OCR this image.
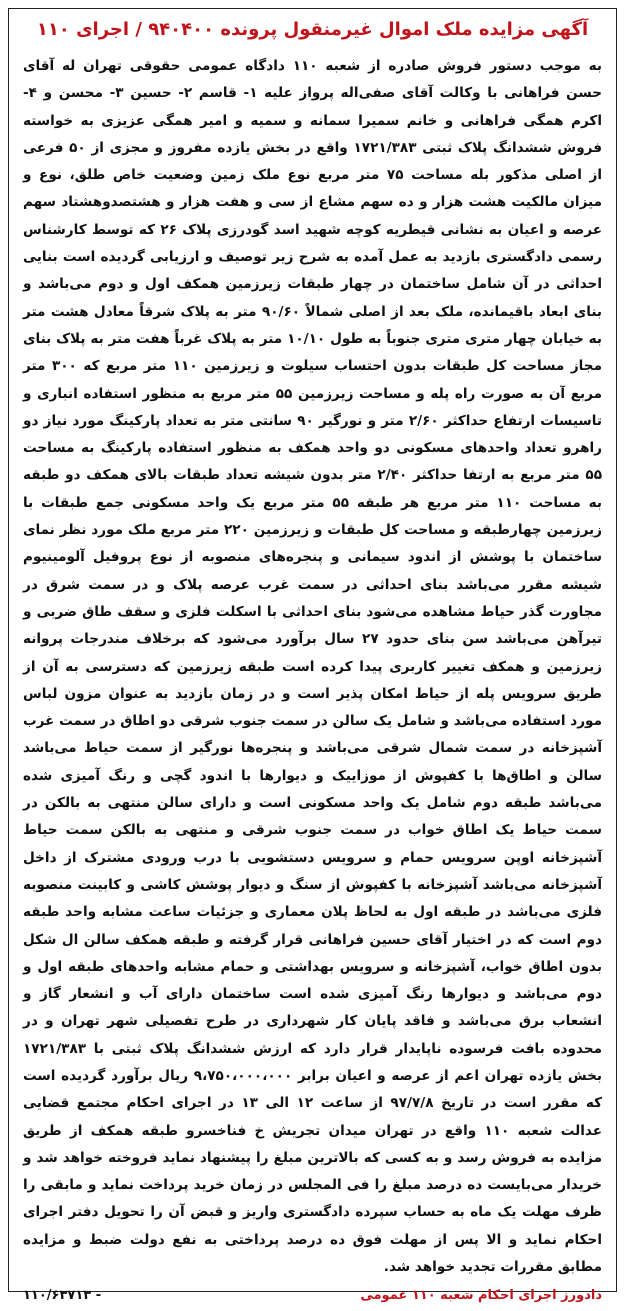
آگهی مزایده ملک اموال غیرمنقول پرونده ۹۴۰۴۰۰ / اجرای ۱۱۰
به موجب دستور فروش صادره از شعبه ۱۱۰ دادگاه عمومی حقوقی تهران له آقای حسن فراهانی با وکالت آقای صفی‌اله پرواز علیه ۱- قاسم ۲- حسین ۳- محسن و ۴- اکرم همگی فراهانی و خانم سمیرا سمانه و سمیه و امیر همگی عزیزی به خواسته فروش ششدانگ پلاک ثبتی ۱۷۲۱/۳۸۳ واقع در بخش یازده مفروز و مجزی از ۵۰ فرعی از اصلی مذکور بله مساحت ۷۵ متر مربع نوع ملک زمین وضعیت خاص طلق، نوع و میزان مالکیت هشت هزار و ده سهم مشاع از سی و هفت هزار و هشتصدوهشتاد سهم عرصه و اعیان به نشانی قیطریه کوچه شهید اسد گودرزی پلاک ۲۶ که توسط کارشناس رسمی دادگستری بازدید به عمل آمده به شرح زیر توصیف و ارزیابی گردیده است بنایی احداثی در آن شامل ساختمان در چهار طبقات زیرزمین همکف اول و دوم می‌باشد و بنای ابعاد باقیمانده، ملک بعد از اصلی شمالاً ۹۰/۶۰ متر به پلاک شرقاً معادل هشت متر به خیابان چهار متری متری جنوباً به طول ۱۰/۱۰ متر به پلاک غرباً هفت متر به پلاک بنای مجاز مساحت کل طبقات بدون احتساب سیلوت و زیرزمین ۱۱۰ متر مربع که ۳۰۰ متر مربع آن به صورت راه پله و مساحت زیرزمین ۵۵ متر مربع به منظور استفاده انباری و تاسیسات ارتفاع حداکثر ۲/۶۰ متر و نورگیر ۹۰ سانتی متر به تعداد پارکینگ مورد نیاز دو راهرو تعداد واحدهای مسکونی دو واحد همکف به منظور استفاده پارکینگ به مساحت ۵۵ متر مربع به ارتفا حداکثر ۲/۴۰ متر بدون شیشه تعداد طبقات بالای همکف دو طبقه به مساحت ۱۱۰ متر مربع هر طبقه ۵۵ متر مربع یک واحد مسکونی جمع طبقات با زیرزمین چهارطبقه و مساحت کل طبقات و زیرزمین ۲۲۰ متر مربع ملک مورد نظر نمای ساختمان با پوشش از اندود سیمانی و پنجره‌های منصوبه از نوع پروفیل آلومینیوم شیشه مقرر می‌باشد بنای احداثی در سمت غرب عرصه پلاک و در سمت شرق در مجاورت گذر حیاط مشاهده می‌شود بنای احداثی با اسکلت فلزی و سقف طاق ضربی و تیرآهن می‌باشد سن بنای حدود ۲۷ سال برآورد می‌شود که برخلاف مندرجات پروانه زیرزمین و همکف تغییر کاربری پیدا کرده است طبقه زیرزمین که دسترسی به آن از طریق سرویس پله از حیاط امکان پذیر است و در زمان بازدید به عنوان مزون لباس مورد استفاده می‌باشد و شامل یک سالن در سمت جنوب شرقی دو اطاق در سمت غرب آشپزخانه در سمت شمال شرقی می‌باشد و پنجره‌ها نورگیر از سمت حیاط می‌باشد سالن و اطاق‌ها با کفپوش از موزاییک و دیوارها با اندود گچی و رنگ آمیزی شده می‌باشد طبقه دوم شامل یک واحد مسکونی است و دارای سالن منتهی به بالکن در سمت حیاط یک اطاق خواب در سمت جنوب شرقی و منتهی به بالکن سمت حیاط آشپزخانه اوپن سرویس حمام و سرویس دستشویی با درب ورودی مشترک از داخل آشپزخانه می‌باشد آشپزخانه با کفپوش از سنگ و دیوار پوشش کاشی و کابینت منصوبه فلزی می‌باشد در طبقه اول به لحاظ پلان معماری و جزئیات ساعت مشابه واحد طبقه دوم است که در اختیار آقای حسین فراهانی قرار گرفته و طبقه همکف سالن ال شکل بدون اطاق خواب، آشپزخانه و سرویس بهداشتی و حمام مشابه واحدهای طبقه اول و دوم می‌باشد و دیوارها رنگ آمیزی شده است ساختمان دارای آب و انشعار گاز و انشعاب برق می‌باشد و فاقد پایان کار شهرداری در طرح تفصیلی شهر تهران و در محدوده بافت فرسوده ناپایدار قرار دارد که ارزش ششدانگ پلاک ثبتی با ۱۷۲۱/۳۸۳ بخش یازده تهران اعم از عرصه و اعیان برابر ۹،۷۵۰،۰۰۰،۰۰۰ ریال برآورد گردیده است که مقرر است در تاریخ ۹۷/۷/۸ از ساعت ۱۲ الی ۱۳ در اجرای احکام مجتمع قضایی عدالت شعبه ۱۱۰ واقع در تهران میدان تجریش خ فناخسرو طبقه همکف از طریق مزایده به فروش رسد و به کسی که بالاترین مبلغ را پیشنهاد نماید فروخته خواهد شد و خریدار می‌بایست ده درصد مبلغ را فی المجلس در زمان خرید پرداخت نماید و مابقی را ظرف مهلت یک ماه به حساب سپرده دادگستری واریز و قبض آن را تحویل دفتر اجرای احکام نماید و الا پس از مهلت فوق ده درصد پرداختی به نفع دولت ضبط و مزایده مطابق مقررات تجدید خواهد شد.
دادورز اجرای احکام شعبه ۱۱۰ عمومی
۱۱۰/۶۳۷۱۳ -
